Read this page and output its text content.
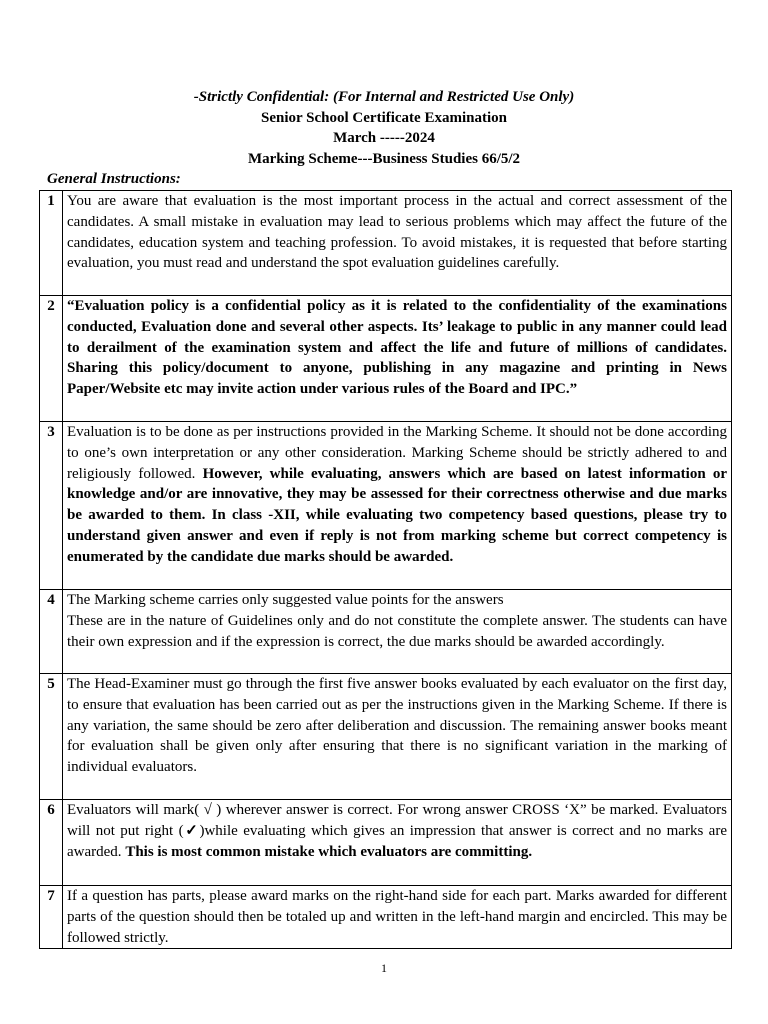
-Strictly Confidential: (For Internal and Restricted Use Only)
Senior School Certificate Examination
March -----2024
Marking Scheme---Business Studies 66/5/2
General Instructions:
1	You are aware that evaluation is the most important process in the actual and correct assessment of the candidates. A small mistake in evaluation may lead to serious problems which may affect the future of the candidates, education system and teaching profession. To avoid mistakes, it is requested that before starting evaluation, you must read and understand the spot evaluation guidelines carefully.
2	“Evaluation policy is a confidential policy as it is related to the confidentiality of the examinations conducted, Evaluation done and several other aspects. Its’ leakage to public in any manner could lead to derailment of the examination system and affect the life and future of millions of candidates. Sharing this policy/document to anyone, publishing in any magazine and printing in News Paper/Website etc may invite action under various rules of the Board and IPC.”
3	Evaluation is to be done as per instructions provided in the Marking Scheme. It should not be done according to one’s own interpretation or any other consideration. Marking Scheme should be strictly adhered to and religiously followed. However, while evaluating, answers which are based on latest information or knowledge and/or are innovative, they may be assessed for their correctness otherwise and due marks be awarded to them. In class -XII, while evaluating two competency based questions, please try to understand given answer and even if reply is not from marking scheme but correct competency is enumerated by the candidate due marks should be awarded.
4	The Marking scheme carries only suggested value points for the answers
These are in the nature of Guidelines only and do not constitute the complete answer. The students can have their own expression and if the expression is correct, the due marks should be awarded accordingly.

5	The Head-Examiner must go through the first five answer books evaluated by each evaluator on the first day, to ensure that evaluation has been carried out as per the instructions given in the Marking Scheme. If there is any variation, the same should be zero after deliberation and discussion. The remaining answer books meant for evaluation shall be given only after ensuring that there is no significant variation in the marking of individual evaluators.
6	Evaluators will mark( √ ) wherever answer is correct. For wrong answer CROSS ‘X” be marked. Evaluators will not put right (✓)while evaluating which gives an impression that answer is correct and no marks are awarded. This is most common mistake which evaluators are committing.
7	If a question has parts, please award marks on the right-hand side for each part. Marks awarded for different parts of the question should then be totaled up and written in the left-hand margin and encircled. This may be followed strictly.
1
